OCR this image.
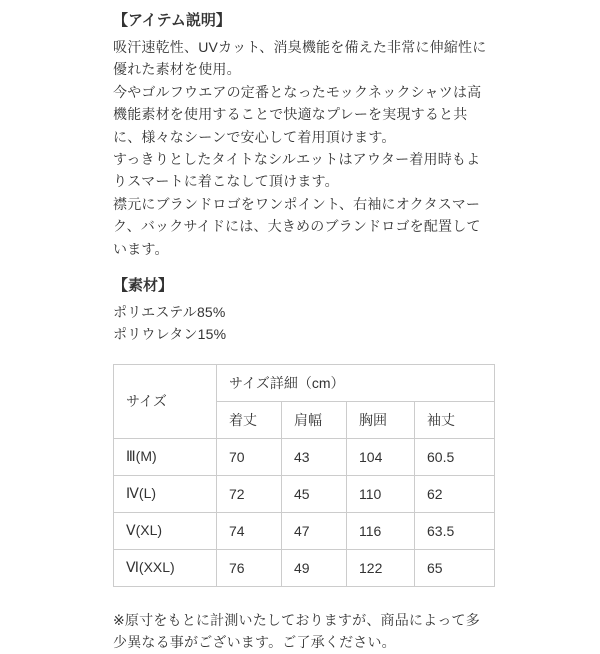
【アイテム説明】

吸汗速乾性、UVカット、消臭機能を備えた非常に伸縮性に優れた素材を使用。

今やゴルフウエアの定番となったモックネックシャツは高機能素材を使用することで快適なプレーを実現すると共に、様々なシーンで安心して着用頂けます。

すっきりとしたタイトなシルエットはアウター着用時もよりスマートに着こなして頂けます。

襟元にブランドロゴをワンポイント、右袖にオクタスマーク、バックサイドには、大きめのブランドロゴを配置しています。

【素材】

ポリエステル85%

ポリウレタン15%

サイズ	サイズ詳細（cm）			
	着丈	肩幅	胸囲	袖丈
Ⅲ(M)	70	43	104	60.5
Ⅳ(L)	72	45	110	62
Ⅴ(XL)	74	47	116	63.5
Ⅵ(XXL)	76	49	122	65

※原寸をもとに計測いたしておりますが、商品によって多少異なる事がございます。ご了承ください。
